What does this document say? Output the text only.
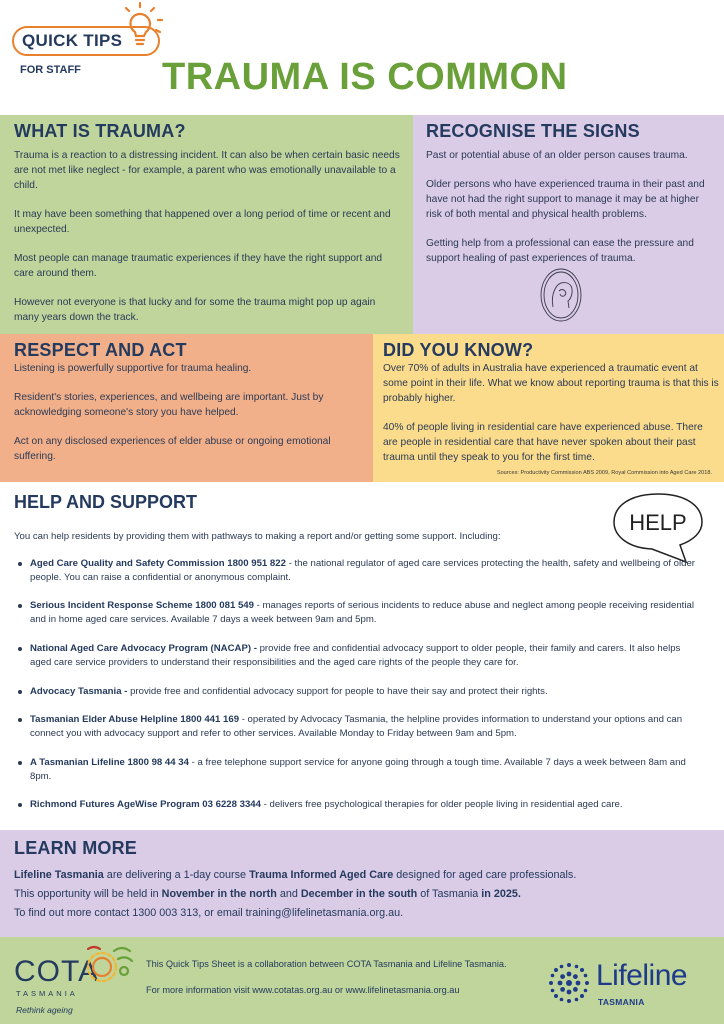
QUICK TIPS
FOR STAFF TRAUMA IS COMMON
WHAT IS TRAUMA?

Trauma is a reaction to a distressing incident. It can also be when certain basic needs are not met like neglect - for example, a parent who was emotionally unavailable to a child.

It may have been something that happened over a long period of time or recent and unexpected.

Most people can manage traumatic experiences if they have the right support and care around them.

However not everyone is that lucky and for some the trauma might pop up again many years down the track.

RECOGNISE THE SIGNS

Past or potential abuse of an older person causes trauma.

Older persons who have experienced trauma in their past and have not had the right support to manage it may be at higher risk of both mental and physical health problems.

Getting help from a professional can ease the pressure and support healing of past experiences of trauma.

RESPECT AND ACT

Listening is powerfully supportive for trauma healing.

Resident's stories, experiences, and wellbeing are important. Just by acknowledging someone's story you have helped.

Act on any disclosed experiences of elder abuse or ongoing emotional suffering.

DID YOU KNOW?

Over 70% of adults in Australia have experienced a traumatic event at some point in their life. What we know about reporting trauma is that this is probably higher.

40% of people living in residential care have experienced abuse. There are people in residential care that have never spoken about their past trauma until they speak to you for the first time.

Sources: Productivity Commission ABS 2009, Royal Commission into Aged Care 2018.
HELP AND SUPPORT
You can help residents by providing them with pathways to making a report and/or getting some support. Including:
HELP
Aged Care Quality and Safety Commission 1800 951 822 - the national regulator of aged care services protecting the health, safety and wellbeing of older people. You can raise a confidential or anonymous complaint.
Serious Incident Response Scheme 1800 081 549 - manages reports of serious incidents to reduce abuse and neglect among people receiving residential and in home aged care services. Available 7 days a week between 9am and 5pm.
National Aged Care Advocacy Program (NACAP) - provide free and confidential advocacy support to older people, their family and carers. It also helps aged care service providers to understand their responsibilities and the aged care rights of the people they care for.
Advocacy Tasmania - provide free and confidential advocacy support for people to have their say and protect their rights.
Tasmanian Elder Abuse Helpline 1800 441 169 - operated by Advocacy Tasmania, the helpline provides information to understand your options and can connect you with advocacy support and refer to other services. Available Monday to Friday between 9am and 5pm.
A Tasmanian Lifeline 1800 98 44 34 - a free telephone support service for anyone going through a tough time. Available 7 days a week between 8am and 8pm.
Richmond Futures AgeWise Program 03 6228 3344 - delivers free psychological therapies for older people living in residential aged care.
LEARN MORE
Lifeline Tasmania are delivering a 1-day course Trauma Informed Aged Care designed for aged care professionals.
This opportunity will be held in November in the north and December in the south of Tasmania in 2025.
To find out more contact 1300 003 313, or email training@lifelinetasmania.org.au.
COTA
TASMANIA
Rethink ageing
This Quick Tips Sheet is a collaboration between COTA Tasmania and Lifeline Tasmania.
For more information visit www.cotatas.org.au or www.lifelinetasmania.org.au	Lifeline
TASMANIA
